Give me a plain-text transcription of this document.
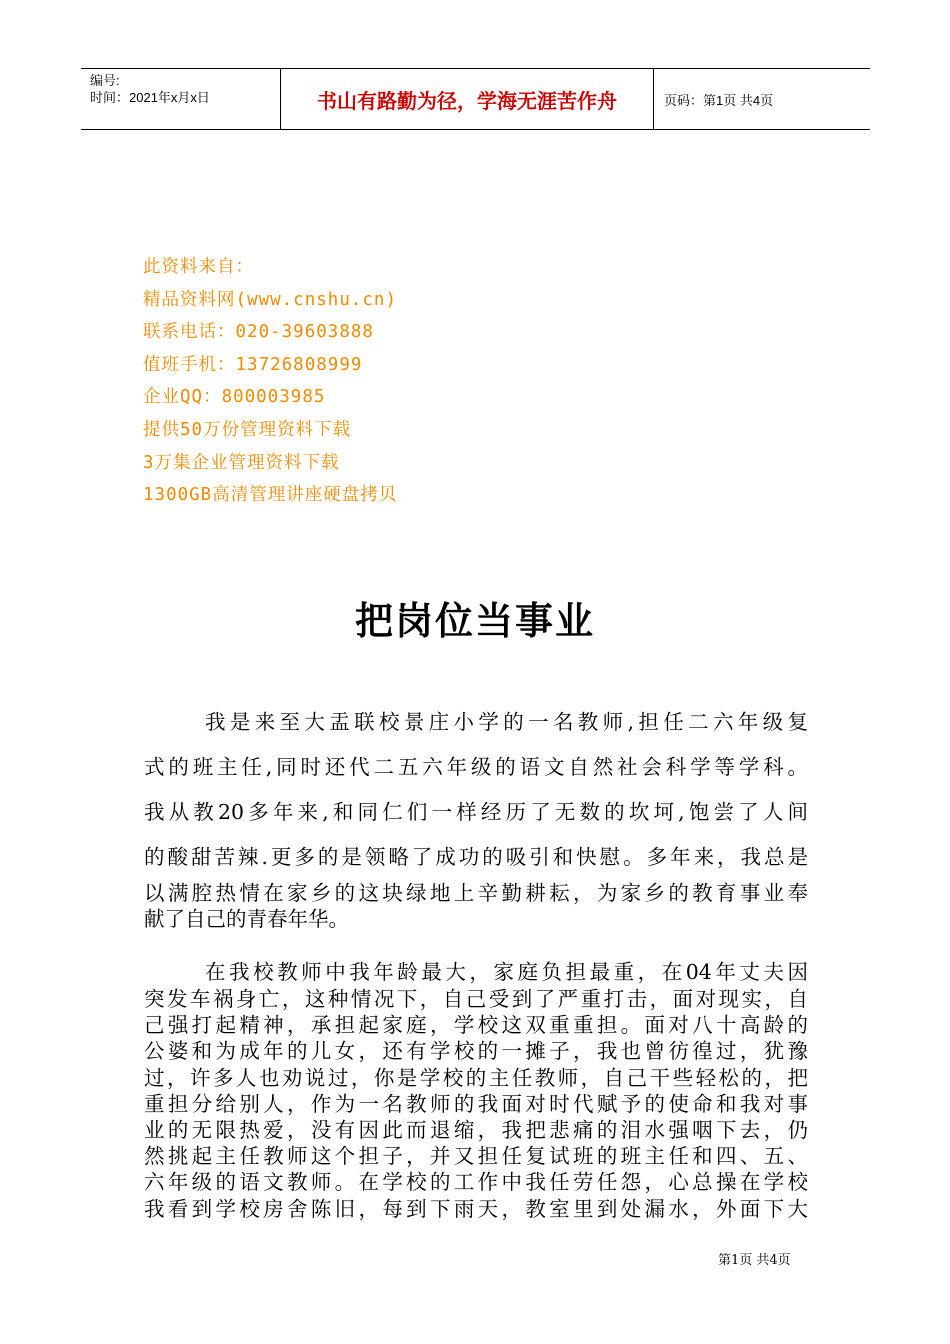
编号:
时间：2021年x月x日	书山有路勤为径，学海无涯苦作舟	页码：第1页 共4页
此资料来自：
精品资料网(www.cnshu.cn)
联系电话：020-39603888
值班手机：13726808999
企业QQ：800003985
提供50万份管理资料下载
3万集企业管理资料下载
1300GB高清管理讲座硬盘拷贝
把岗位当事业
我是来至大盂联校景庄小学的一名教师,担任二六年级复
式的班主任,同时还代二五六年级的语文自然社会科学等学科。
我从教20多年来,和同仁们一样经历了无数的坎坷,饱尝了人间
的酸甜苦辣.更多的是领略了成功的吸引和快慰。多年来，我总是
以满腔热情在家乡的这块绿地上辛勤耕耘，为家乡的教育事业奉
献了自己的青春年华。
在我校教师中我年龄最大，家庭负担最重，在04年丈夫因
突发车祸身亡，这种情况下，自己受到了严重打击，面对现实，自
己强打起精神，承担起家庭，学校这双重重担。面对八十高龄的
公婆和为成年的儿女，还有学校的一摊子，我也曾彷徨过，犹豫
过，许多人也劝说过，你是学校的主任教师，自己干些轻松的，把
重担分给别人，作为一名教师的我面对时代赋予的使命和我对事
业的无限热爱，没有因此而退缩，我把悲痛的泪水强咽下去，仍
然挑起主任教师这个担子，并又担任复试班的班主任和四、五、
六年级的语文教师。在学校的工作中我任劳任怨，心总操在学校
我看到学校房舍陈旧，每到下雨天，教室里到处漏水，外面下大
第1页 共4页
